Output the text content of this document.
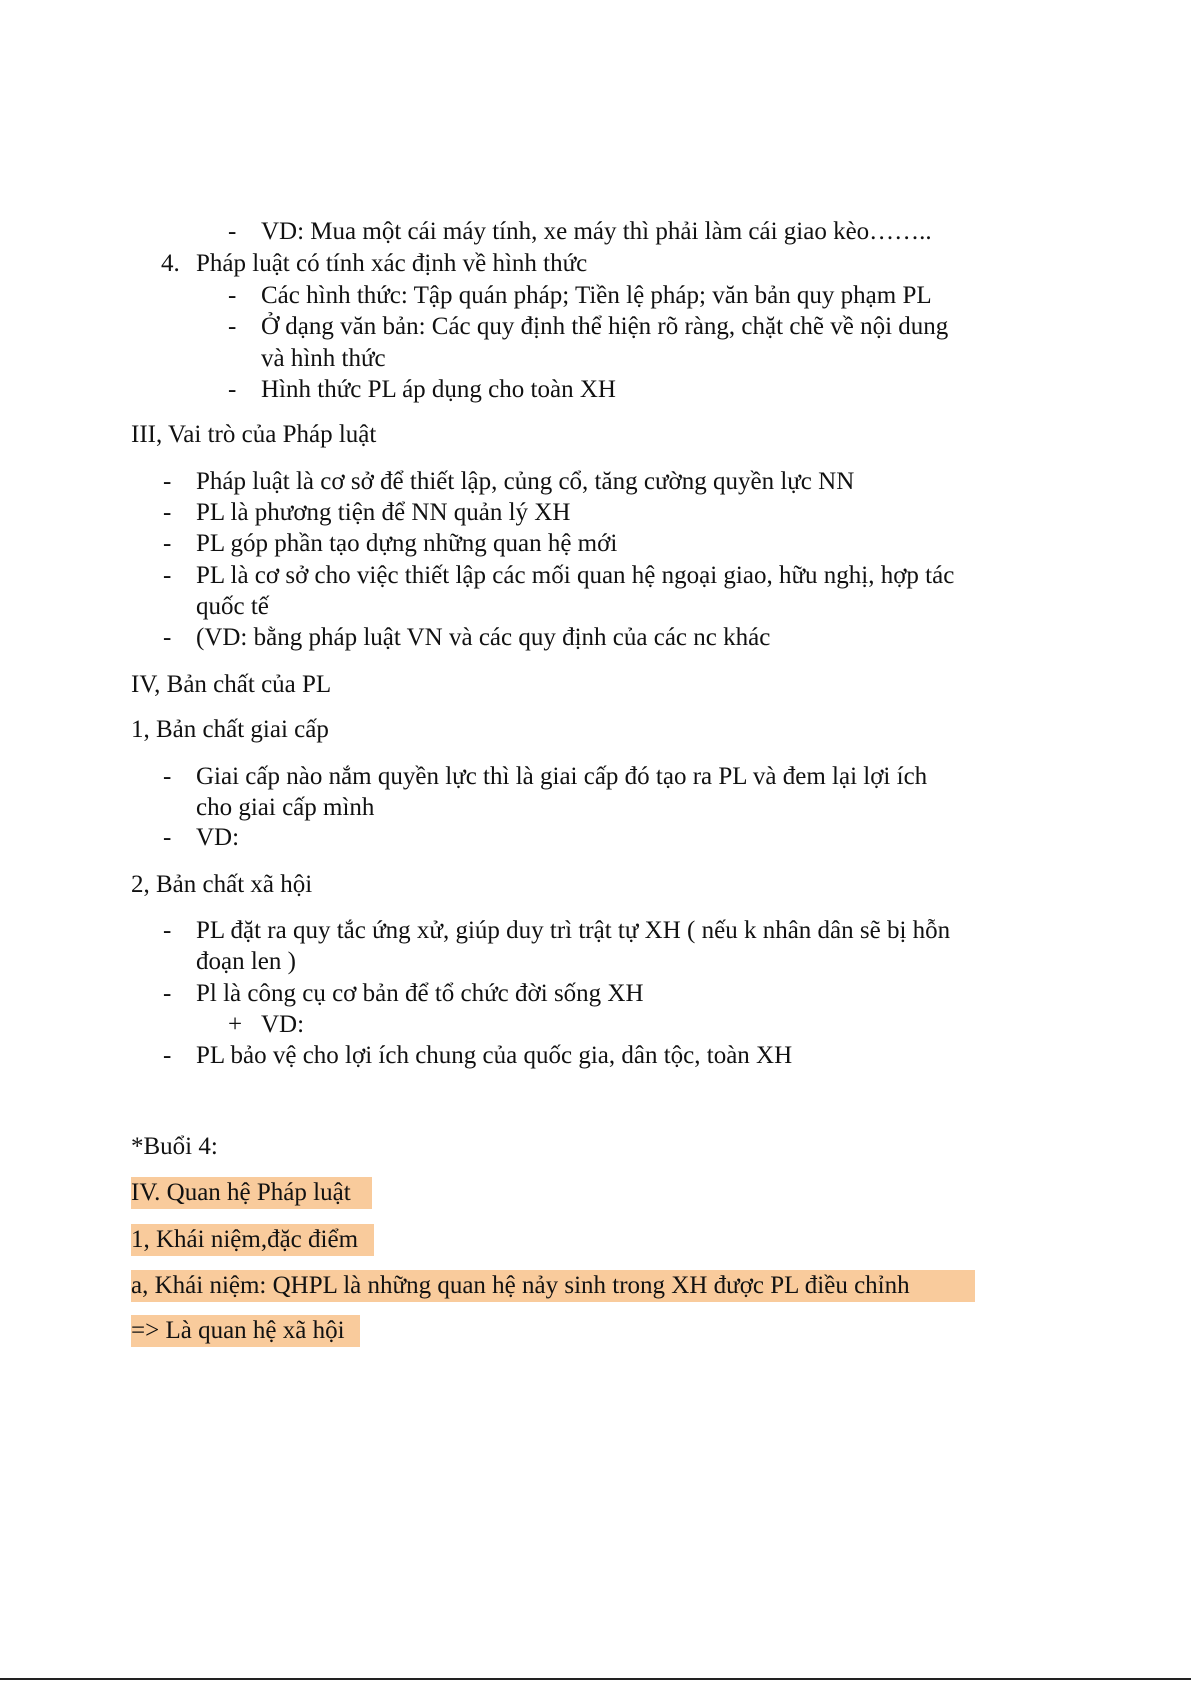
- VD: Mua một cái máy tính, xe máy thì phải làm cái giao kèo……..
4. Pháp luật có tính xác định về hình thức
- Các hình thức: Tập quán pháp; Tiền lệ pháp; văn bản quy phạm PL
- Ở dạng văn bản: Các quy định thể hiện rõ ràng, chặt chẽ về nội dung
và hình thức
- Hình thức PL áp dụng cho toàn XH
III, Vai trò của Pháp luật
- Pháp luật là cơ sở để thiết lập, củng cổ, tăng cường quyền lực NN
- PL là phương tiện để NN quản lý XH
- PL góp phần tạo dựng những quan hệ mới
- PL là cơ sở cho việc thiết lập các mối quan hệ ngoại giao, hữu nghị, hợp tác
quốc tế
- (VD: bằng pháp luật VN và các quy định của các nc khác
IV, Bản chất của PL
1, Bản chất giai cấp
- Giai cấp nào nắm quyền lực thì là giai cấp đó tạo ra PL và đem lại lợi ích
cho giai cấp mình
- VD:
2, Bản chất xã hội
- PL đặt ra quy tắc ứng xử, giúp duy trì trật tự XH ( nếu k nhân dân sẽ bị hỗn
đoạn len )
- Pl là công cụ cơ bản để tổ chức đời sống XH
+ VD:
- PL bảo vệ cho lợi ích chung của quốc gia, dân tộc, toàn XH
*Buổi 4:
IV. Quan hệ Pháp luật
1, Khái niệm,đặc điểm
a, Khái niệm: QHPL là những quan hệ nảy sinh trong XH được PL điều chỉnh
=> Là quan hệ xã hội
